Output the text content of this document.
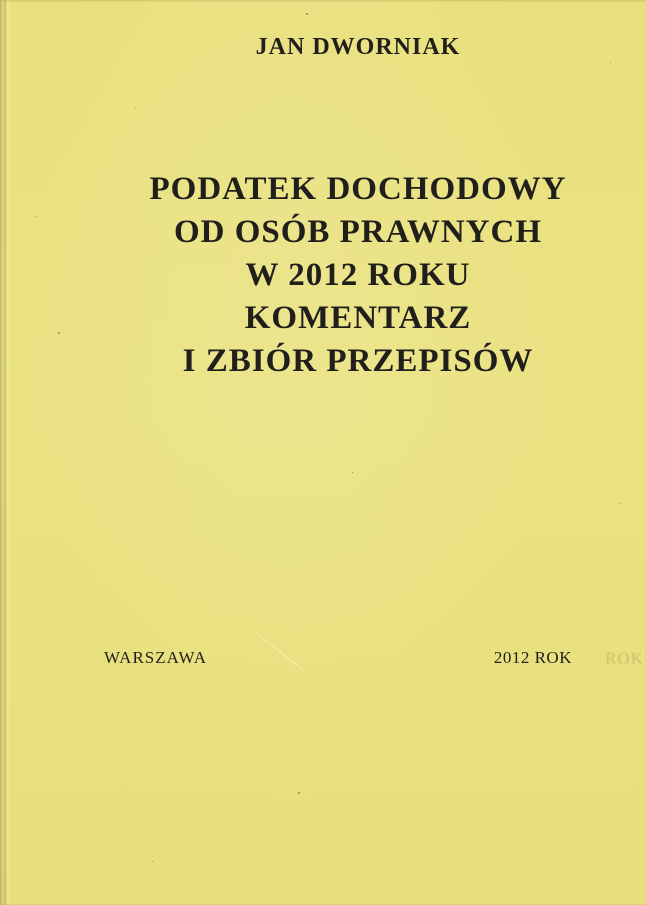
JAN DWORNIAK
PODATEK DOCHODOWY
OD OSÓB PRAWNYCH
W 2012 ROKU
KOMENTARZ
I ZBIÓR PRZEPISÓW
WARSZAWA	2012 ROK ROK
